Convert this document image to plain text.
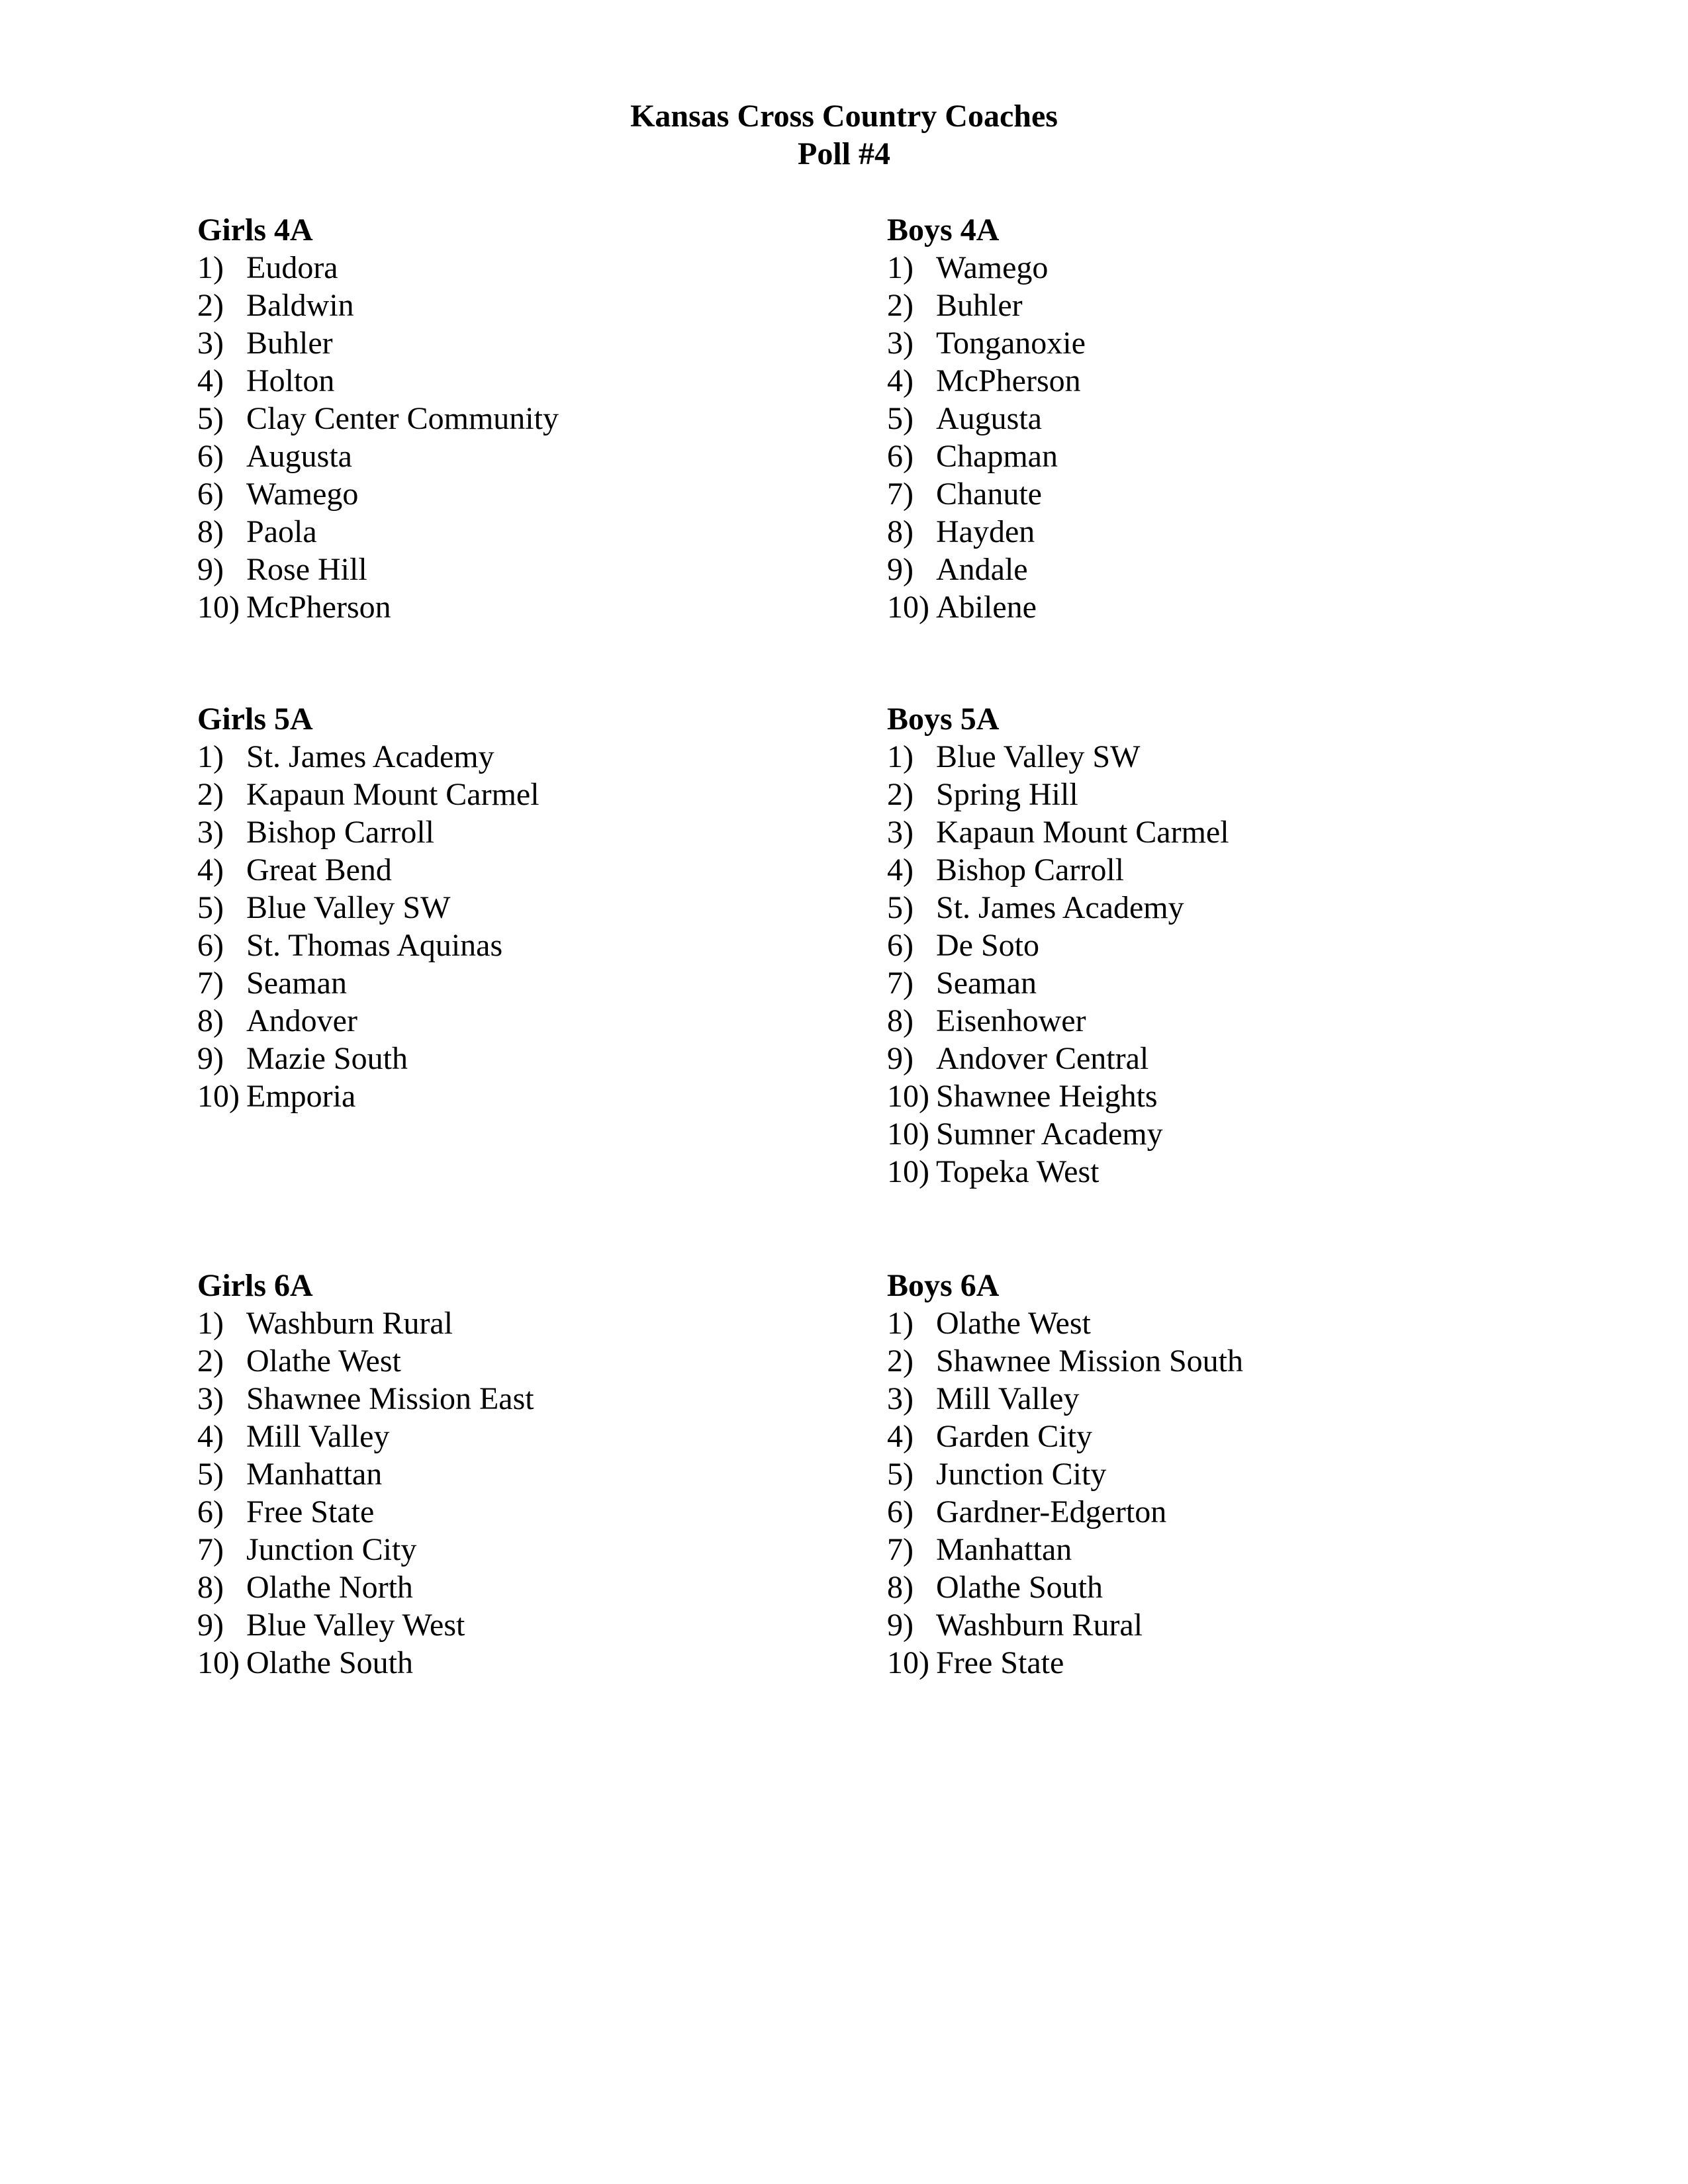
Kansas Cross Country Coaches
Poll #4
Girls 4A
1) Eudora
2) Baldwin
3) Buhler
4) Holton
5) Clay Center Community
6) Augusta
6) Wamego
8) Paola
9) Rose Hill
10) McPherson
Boys 4A
1) Wamego
2) Buhler
3) Tonganoxie
4) McPherson
5) Augusta
6) Chapman
7) Chanute
8) Hayden
9) Andale
10) Abilene
Girls 5A
1) St. James Academy
2) Kapaun Mount Carmel
3) Bishop Carroll
4) Great Bend
5) Blue Valley SW
6) St. Thomas Aquinas
7) Seaman
8) Andover
9) Mazie South
10) Emporia
Boys 5A
1) Blue Valley SW
2) Spring Hill
3) Kapaun Mount Carmel
4) Bishop Carroll
5) St. James Academy
6) De Soto
7) Seaman
8) Eisenhower
9) Andover Central
10) Shawnee Heights
10) Sumner Academy
10) Topeka West
Girls 6A
1) Washburn Rural
2) Olathe West
3) Shawnee Mission East
4) Mill Valley
5) Manhattan
6) Free State
7) Junction City
8) Olathe North
9) Blue Valley West
10) Olathe South
Boys 6A
1) Olathe West
2) Shawnee Mission South
3) Mill Valley
4) Garden City
5) Junction City
6) Gardner-Edgerton
7) Manhattan
8) Olathe South
9) Washburn Rural
10) Free State
